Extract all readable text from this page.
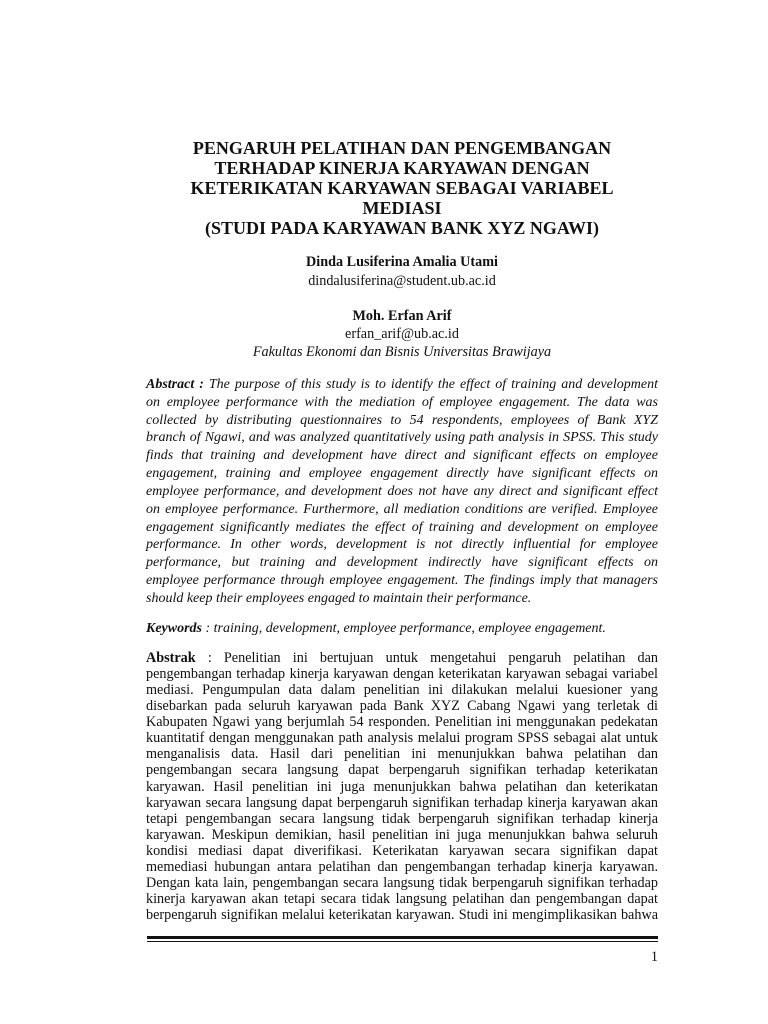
PENGARUH PELATIHAN DAN PENGEMBANGAN
TERHADAP KINERJA KARYAWAN DENGAN
KETERIKATAN KARYAWAN SEBAGAI VARIABEL
MEDIASI
(STUDI PADA KARYAWAN BANK XYZ NGAWI)
Dinda Lusiferina Amalia Utami
dindalusiferina@student.ub.ac.id
Moh. Erfan Arif
erfan_arif@ub.ac.id
Fakultas Ekonomi dan Bisnis Universitas Brawijaya
Abstract : The purpose of this study is to identify the effect of training and development
on employee performance with the mediation of employee engagement. The data was
collected by distributing questionnaires to 54 respondents, employees of Bank XYZ
branch of Ngawi, and was analyzed quantitatively using path analysis in SPSS. This study
finds that training and development have direct and significant effects on employee
engagement, training and employee engagement directly have significant effects on
employee performance, and development does not have any direct and significant effect
on employee performance. Furthermore, all mediation conditions are verified. Employee
engagement significantly mediates the effect of training and development on employee
performance. In other words, development is not directly influential for employee
performance, but training and development indirectly have significant effects on
employee performance through employee engagement. The findings imply that managers
should keep their employees engaged to maintain their performance.
Keywords : training, development, employee performance, employee engagement.
Abstrak : Penelitian ini bertujuan untuk mengetahui pengaruh pelatihan dan
pengembangan terhadap kinerja karyawan dengan keterikatan karyawan sebagai variabel
mediasi. Pengumpulan data dalam penelitian ini dilakukan melalui kuesioner yang
disebarkan pada seluruh karyawan pada Bank XYZ Cabang Ngawi yang terletak di
Kabupaten Ngawi yang berjumlah 54 responden. Penelitian ini menggunakan pedekatan
kuantitatif dengan menggunakan path analysis melalui program SPSS sebagai alat untuk
menganalisis data. Hasil dari penelitian ini menunjukkan bahwa pelatihan dan
pengembangan secara langsung dapat berpengaruh signifikan terhadap keterikatan
karyawan. Hasil penelitian ini juga menunjukkan bahwa pelatihan dan keterikatan
karyawan secara langsung dapat berpengaruh signifikan terhadap kinerja karyawan akan
tetapi pengembangan secara langsung tidak berpengaruh signifikan terhadap kinerja
karyawan. Meskipun demikian, hasil penelitian ini juga menunjukkan bahwa seluruh
kondisi mediasi dapat diverifikasi. Keterikatan karyawan secara signifikan dapat
memediasi hubungan antara pelatihan dan pengembangan terhadap kinerja karyawan.
Dengan kata lain, pengembangan secara langsung tidak berpengaruh signifikan terhadap
kinerja karyawan akan tetapi secara tidak langsung pelatihan dan pengembangan dapat
berpengaruh signifikan melalui keterikatan karyawan. Studi ini mengimplikasikan bahwa
1
